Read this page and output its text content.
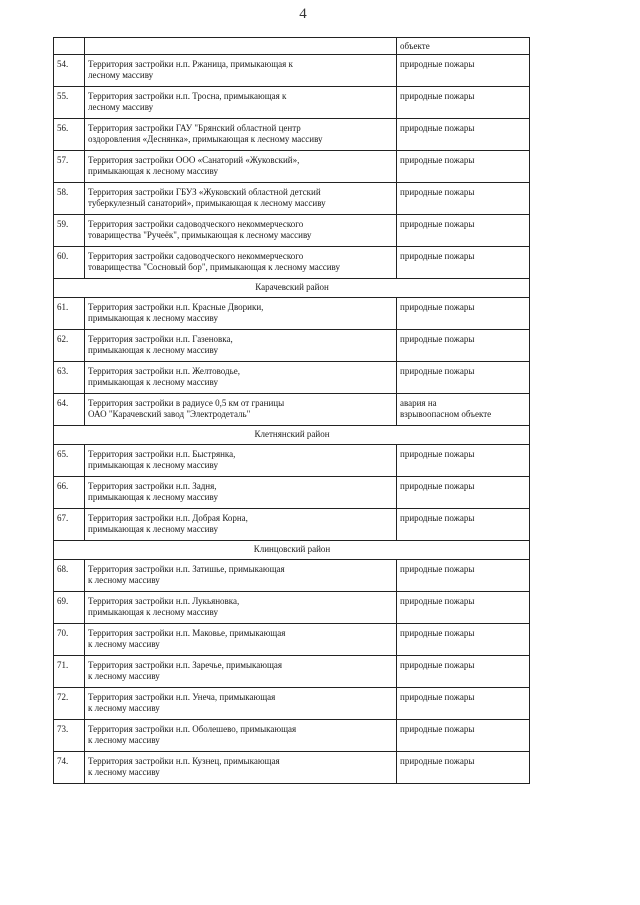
4
		объекте
54.	Территория застройки н.п. Ржаница, примыкающая к
лесному массиву	природные пожары

55.	Территория застройки н.п. Тросна, примыкающая к
лесному массиву	природные пожары

56.	Территория застройки ГАУ "Брянский областной центр
оздоровления «Деснянка», примыкающая к лесному массиву	природные пожары

57.	Территория застройки ООО «Санаторий «Жуковский»,
примыкающая к лесному массиву	природные пожары

58.	Территория застройки ГБУЗ «Жуковский областной детский
туберкулезный санаторий», примыкающая к лесному массиву	природные пожары

59.	Территория застройки садоводческого некоммерческого
товарищества "Ручеёк", примыкающая к лесному массиву	природные пожары

60.	Территория застройки садоводческого некоммерческого
товарищества "Сосновый бор", примыкающая к лесному массиву	природные пожары

Карачевский район		
61.	Территория застройки н.п. Красные Дворики,
примыкающая к лесному массиву	природные пожары

62.	Территория застройки н.п. Газеновка,
примыкающая к лесному массиву	природные пожары

63.	Территория застройки н.п. Желтоводье,
примыкающая к лесному массиву	природные пожары

64.	Территория застройки в радиусе 0,5 км от границы
ОАО "Карачевский завод "Электродеталь"	авария на
взрывоопасном объекте

Клетнянский район		
65.	Территория застройки н.п. Быстрянка,
примыкающая к лесному массиву	природные пожары

66.	Территория застройки н.п. Задня,
примыкающая к лесному массиву	природные пожары

67.	Территория застройки н.п. Добрая Корна,
примыкающая к лесному массиву	природные пожары

Клинцовский район		
68.	Территория застройки н.п. Затишье, примыкающая
к лесному массиву	природные пожары

69.	Территория застройки н.п. Лукьяновка,
примыкающая к лесному массиву	природные пожары

70.	Территория застройки н.п. Маковье, примыкающая
к лесному массиву	природные пожары

71.	Территория застройки н.п. Заречье, примыкающая
к лесному массиву	природные пожары

72.	Территория застройки н.п. Унеча, примыкающая
к лесному массиву	природные пожары

73.	Территория застройки н.п. Оболешево, примыкающая
к лесному массиву	природные пожары

74.	Территория застройки н.п. Кузнец, примыкающая
к лесному массиву	природные пожары
